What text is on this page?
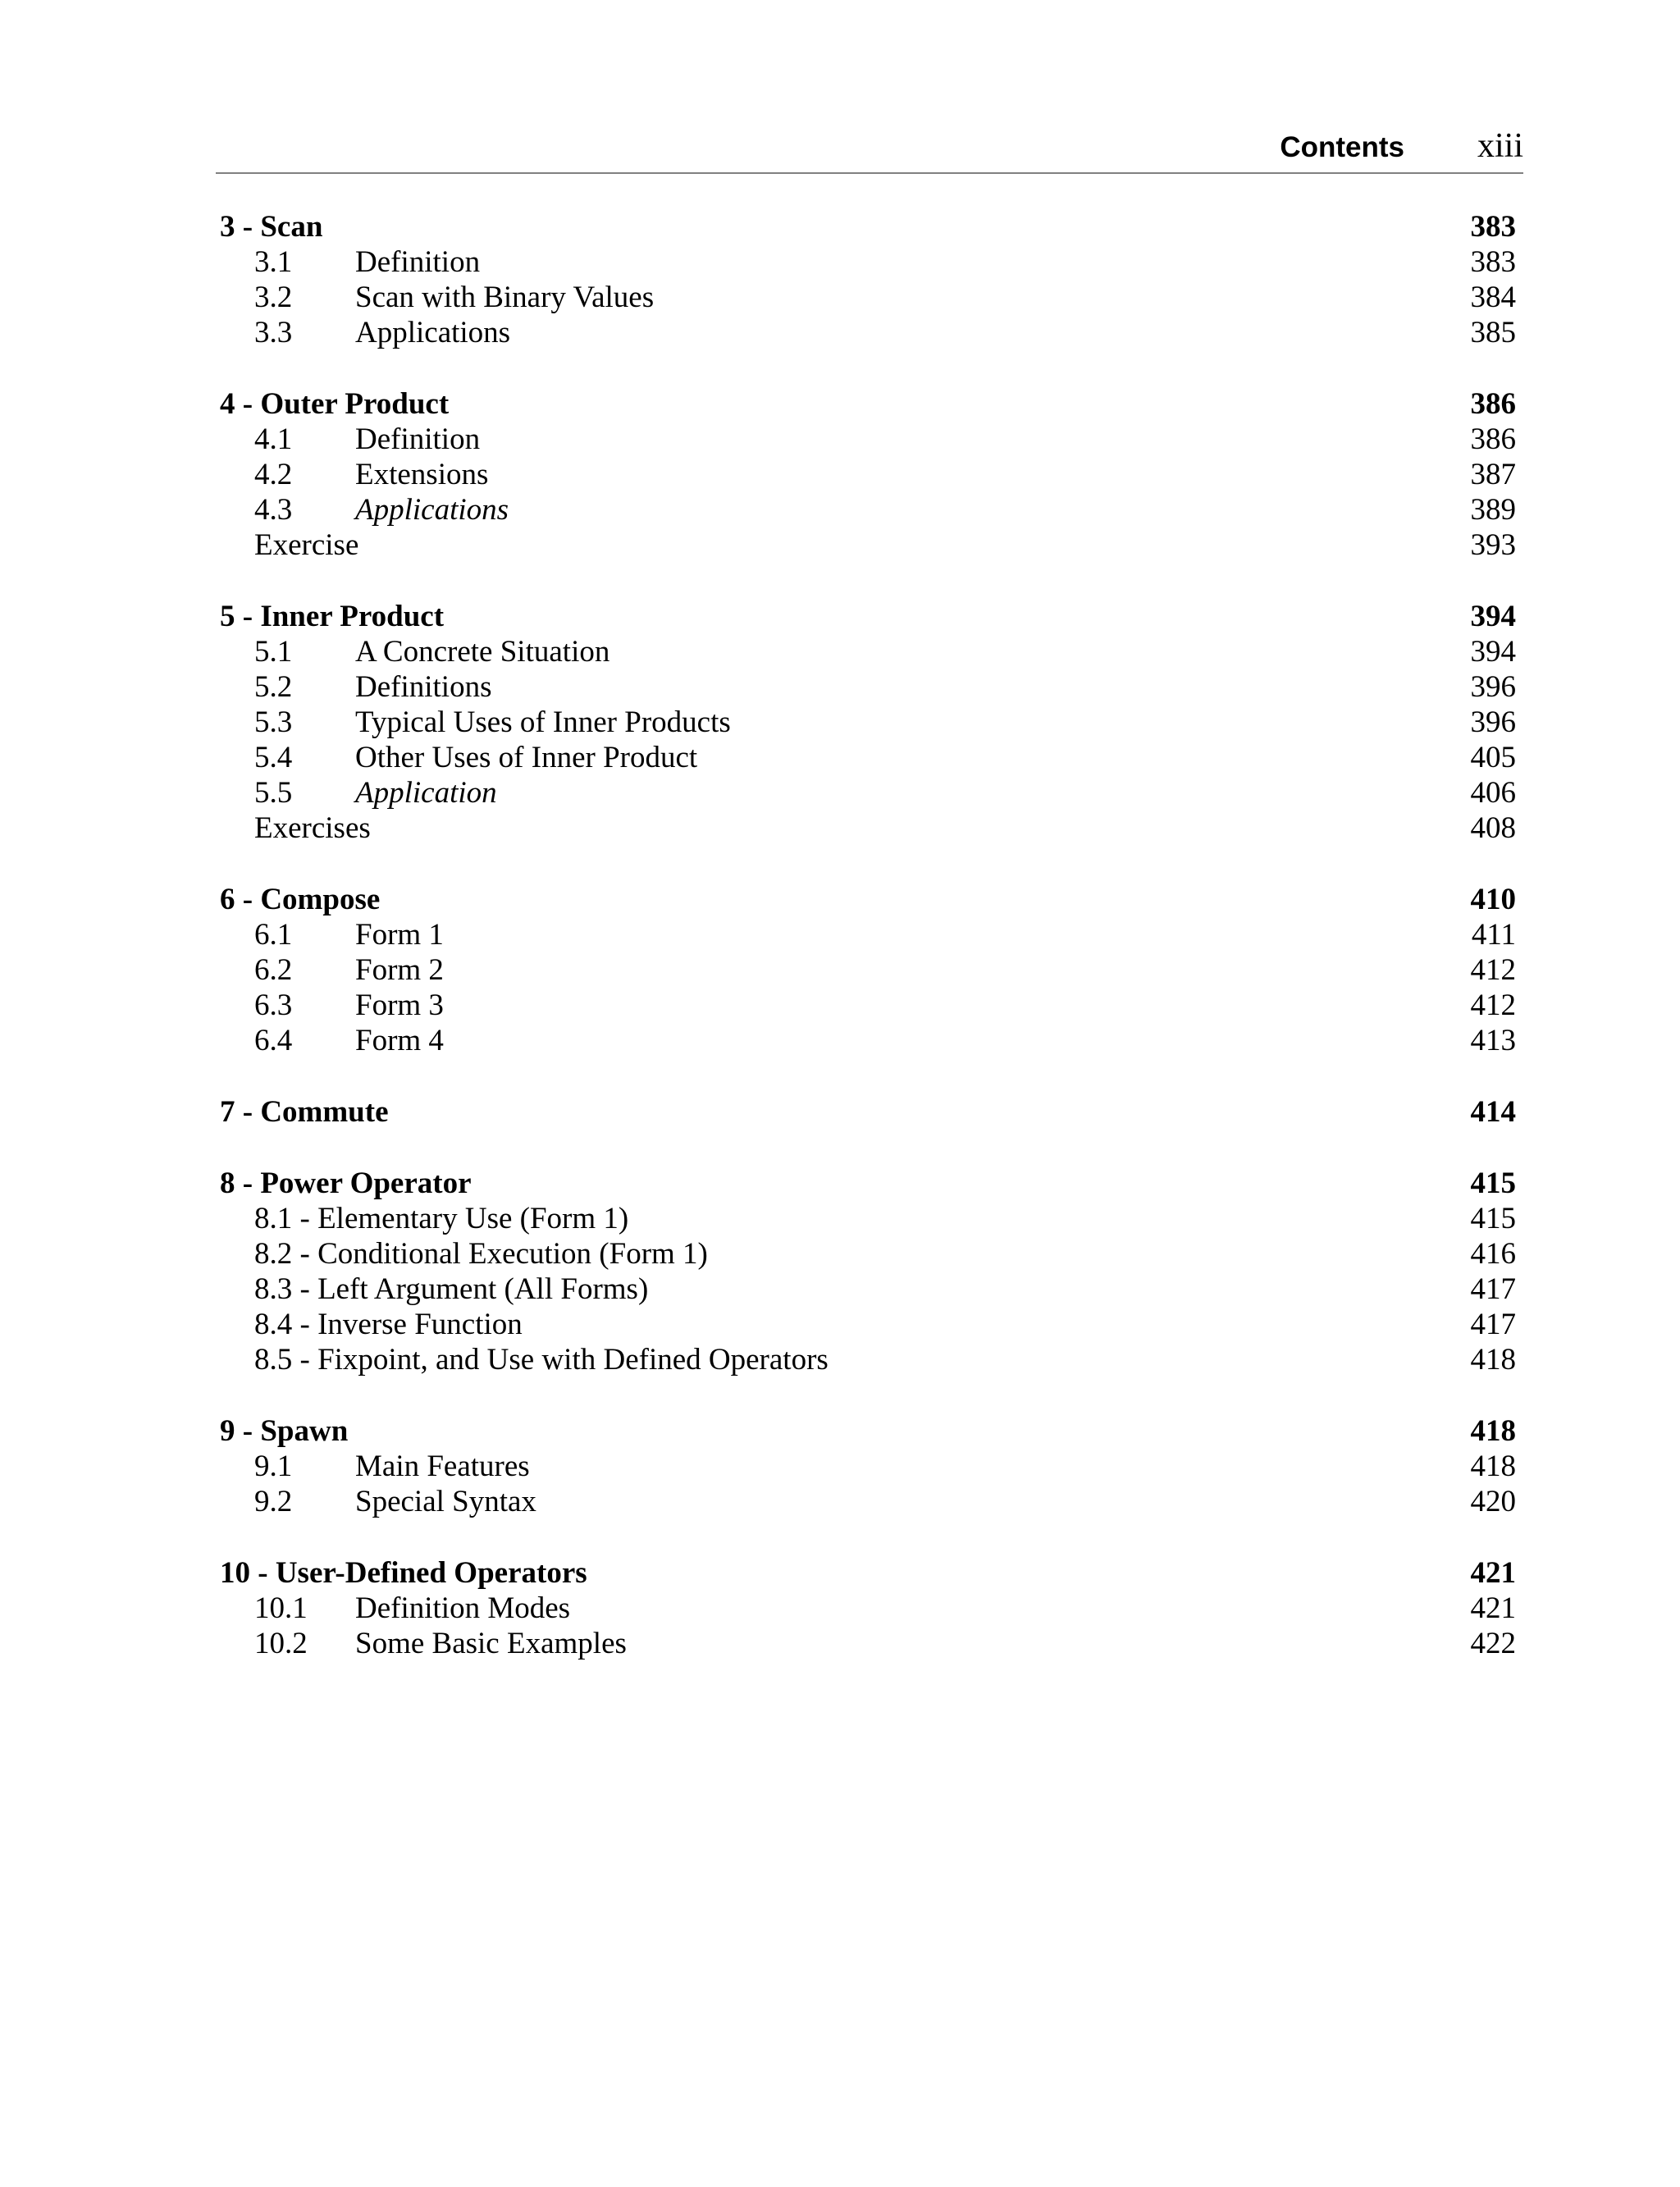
Contents xiii
3 - Scan	383
3.1 Definition	383
3.2 Scan with Binary Values	384
3.3 Applications	385
4 - Outer Product	386
4.1 Definition	386
4.2 Extensions	387
4.3 Applications	389
Exercise	393
5 - Inner Product	394
5.1 A Concrete Situation	394
5.2 Definitions	396
5.3 Typical Uses of Inner Products	396
5.4 Other Uses of Inner Product	405
5.5 Application	406
Exercises	408
6 - Compose	410
6.1 Form 1	411
6.2 Form 2	412
6.3 Form 3	412
6.4 Form 4	413
7 - Commute	414
8 - Power Operator	415
8.1 - Elementary Use (Form 1)	415
8.2 - Conditional Execution (Form 1)	416
8.3 - Left Argument (All Forms)	417
8.4 - Inverse Function	417
8.5 - Fixpoint, and Use with Defined Operators	418
9 - Spawn	418
9.1 Main Features	418
9.2 Special Syntax	420
10 - User-Defined Operators	421
10.1 Definition Modes	421
10.2 Some Basic Examples	422
